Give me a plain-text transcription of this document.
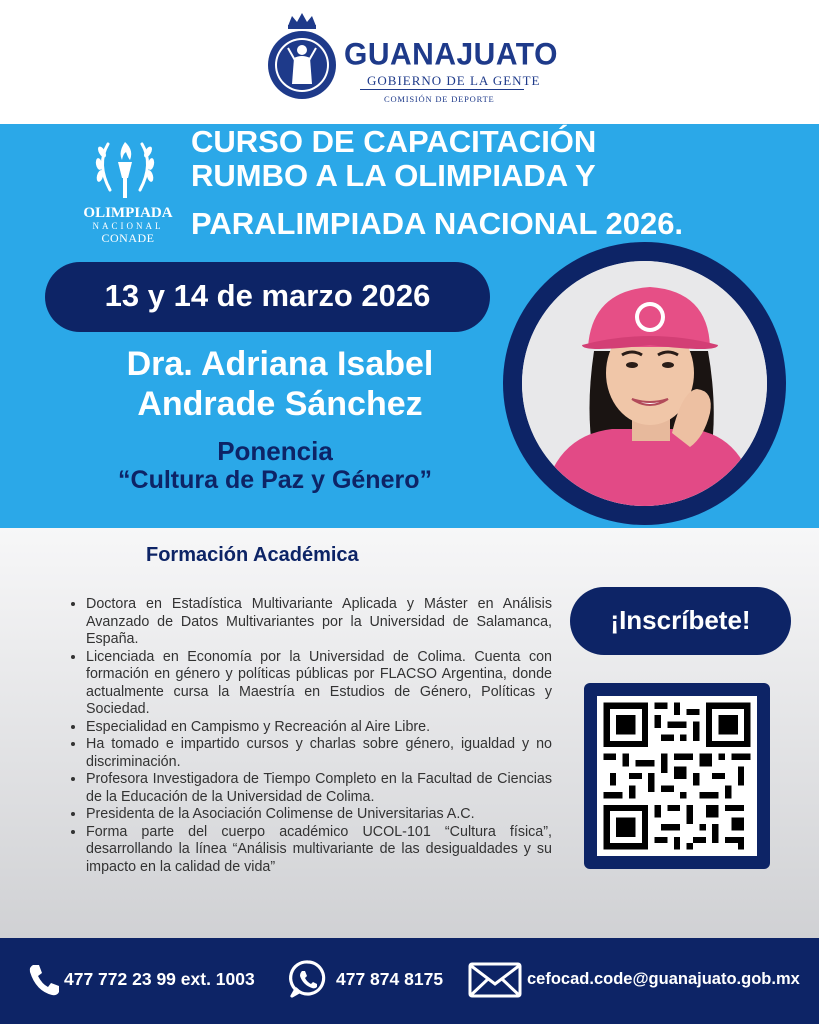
GUANAJUATO
GOBIERNO DE LA GENTE
COMISIÓN DE DEPORTE
OLIMPIADA
NACIONAL
CONADE
CURSO DE CAPACITACIÓN
RUMBO A LA OLIMPIADA Y
PARALIMPIADA NACIONAL 2026.
13 y 14 de marzo 2026
Dra. Adriana Isabel
Andrade Sánchez
Ponencia
“Cultura de Paz y Género”
Formación Académica
• Doctora en Estadística Multivariante Aplicada y Máster en Análisis Avanzado de Datos Multivariantes por la Universidad de Salamanca, España.
• Licenciada en Economía por la Universidad de Colima. Cuenta con formación en género y políticas públicas por FLACSO Argentina, donde actualmente cursa la Maestría en Estudios de Género, Políticas y Sociedad.
• Especialidad en Campismo y Recreación al Aire Libre.
• Ha tomado e impartido cursos y charlas sobre género, igualdad y no discriminación.
• Profesora Investigadora de Tiempo Completo en la Facultad de Ciencias de la Educación de la Universidad de Colima.
• Presidenta de la Asociación Colimense de Universitarias A.C.
• Forma parte del cuerpo académico UCOL-101 “Cultura física”, desarrollando la línea “Análisis multivariante de las desigualdades y su impacto en la calidad de vida”
¡Inscríbete!
477 772 23 99 ext. 1003	477 874 8175	cefocad.code@guanajuato.gob.mx
